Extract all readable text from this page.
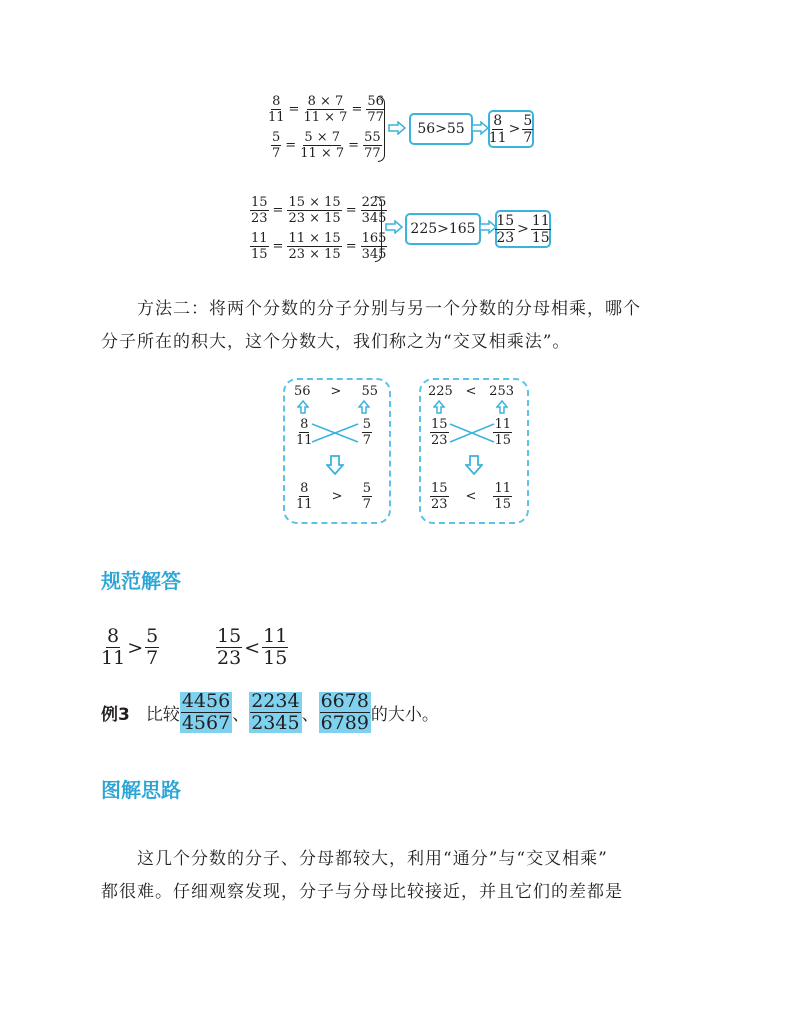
$\frac{8}{11} = \frac{8 \times 7}{11 \times 7} = \frac{56}{77}$
$\frac{5}{7} = \frac{5 \times 7}{11 \times 7} = \frac{55}{77}$
$56>55 \frac{8}{11} > \frac{5}{7}$
$\frac{15}{23} = \frac{15 \times 15}{23 \times 15} = \frac{225}{345}$
$\frac{11}{15} = \frac{11 \times 15}{23 \times 15} = \frac{165}{345}$
$225>165 \frac{15}{23} > \frac{11}{15}$
方法二：将两个分数的分子分别与另一个分数的分母相乘，哪个
分子所在的积大，这个分数大，我们称之为“交叉相乘法”。
56 > 55
$\frac{8}{11}$	$\frac{5}{7}$
$\frac{8}{11} > \frac{5}{7}$
225 < 253
$\frac{15}{23}$	$\frac{11}{15}$
$\frac{15}{23} < \frac{11}{15}$
规范解答
$\frac{8}{11} > \frac{5}{7}$	$\frac{15}{23} < \frac{11}{15}$
例3 比较 $\frac{4456}{4567}$ 、 $\frac{2234}{2345}$ 、 $\frac{6678}{6789}$ 的大小。
图解思路
这几个分数的分子、分母都较大，利用“通分”与“交叉相乘”
都很难。仔细观察发现，分子与分母比较接近，并且它们的差都是
